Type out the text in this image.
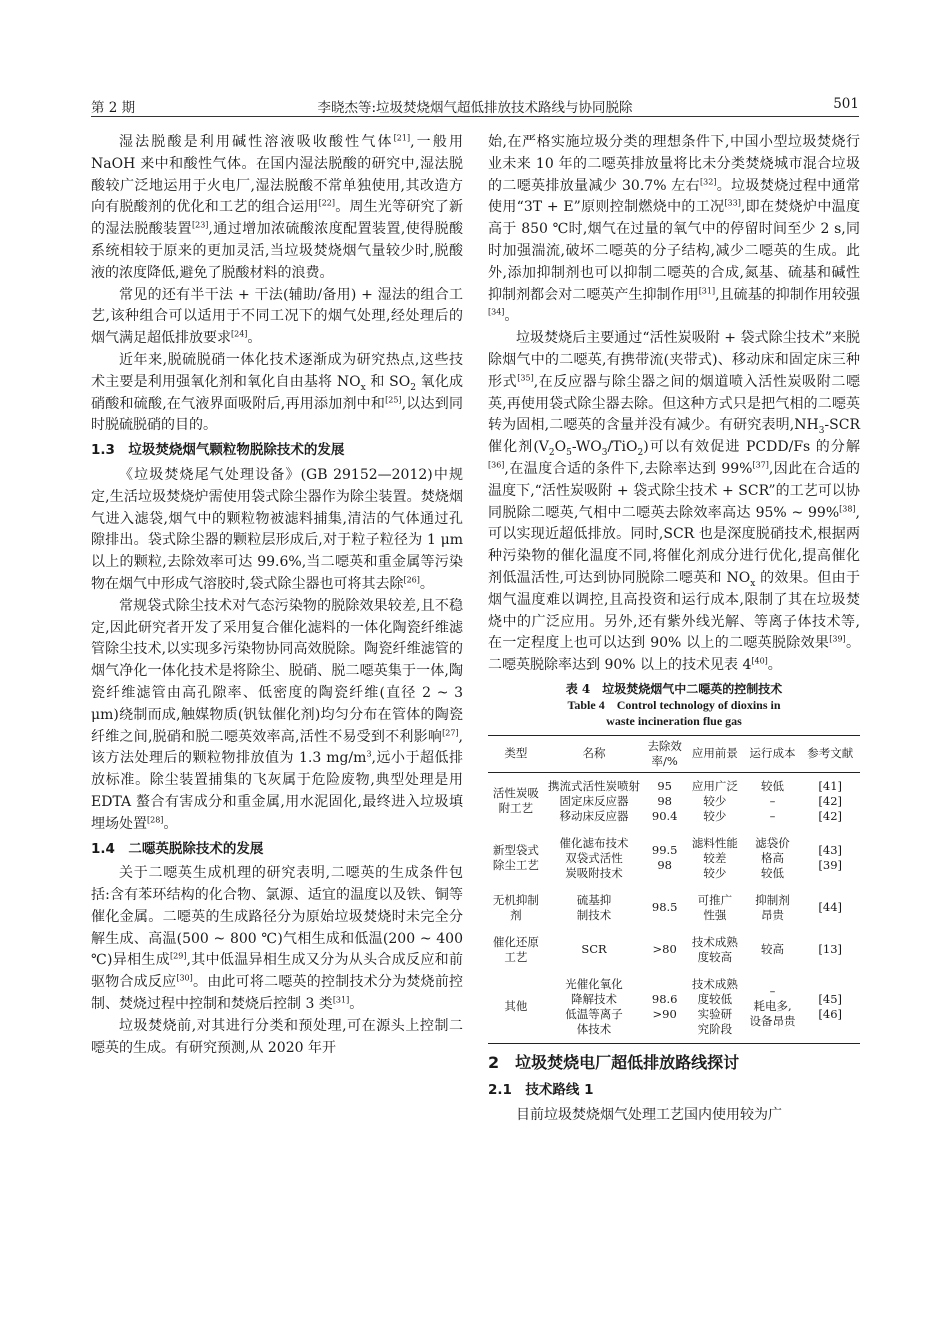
第 2 期	李晓杰等:垃圾焚烧烟气超低排放技术路线与协同脱除	501

湿法脱酸是利用碱性溶液吸收酸性气体[21],一般用 NaOH 来中和酸性气体。在国内湿法脱酸的研究中,湿法脱酸较广泛地运用于火电厂,湿法脱酸不常单独使用,其改造方向有脱酸剂的优化和工艺的组合运用[22]。周生光等研究了新的湿法脱酸装置[23],通过增加浓硫酸浓度配置装置,使得脱酸系统相较于原来的更加灵活,当垃圾焚烧烟气量较少时,脱酸液的浓度降低,避免了脱酸材料的浪费。

常见的还有半干法 + 干法(辅助/备用) + 湿法的组合工艺,该种组合可以适用于不同工况下的烟气处理,经处理后的烟气满足超低排放要求[24]。

近年来,脱硫脱硝一体化技术逐渐成为研究热点,这些技术主要是利用强氧化剂和氧化自由基将 $NO_x$ 和 $SO_2$ 氧化成硝酸和硫酸,在气液界面吸附后,再用添加剂中和[25],以达到同时脱硫脱硝的目的。

1.3　垃圾焚烧烟气颗粒物脱除技术的发展

《垃圾焚烧尾气处理设备》(GB 29152—2012)中规定,生活垃圾焚烧炉需使用袋式除尘器作为除尘装置。焚烧烟气进入滤袋,烟气中的颗粒物被滤料捕集,清洁的气体通过孔隙排出。袋式除尘器的颗粒层形成后,对于粒子粒径为 1 μm 以上的颗粒,去除效率可达 99.6%,当二噁英和重金属等污染物在烟气中形成气溶胶时,袋式除尘器也可将其去除[26]。

常规袋式除尘技术对气态污染物的脱除效果较差,且不稳定,因此研究者开发了采用复合催化滤料的一体化陶瓷纤维滤管除尘技术,以实现多污染物协同高效脱除。陶瓷纤维滤管的烟气净化一体化技术是将除尘、脱硝、脱二噁英集于一体,陶瓷纤维滤管由高孔隙率、低密度的陶瓷纤维(直径 2 ~ 3 μm)绕制而成,触媒物质(钒钛催化剂)均匀分布在管体的陶瓷纤维之间,脱硝和脱二噁英效率高,活性不易受到不利影响[27],该方法处理后的颗粒物排放值为 1.3 $mg/m^3$,远小于超低排放标准。除尘装置捕集的飞灰属于危险废物,典型处理是用 EDTA 螯合有害成分和重金属,用水泥固化,最终进入垃圾填埋场处置[28]。

1.4　二噁英脱除技术的发展

关于二噁英生成机理的研究表明,二噁英的生成条件包括:含有苯环结构的化合物、氯源、适宜的温度以及铁、铜等催化金属。二噁英的生成路径分为原始垃圾焚烧时未完全分解生成、高温(500 ~ 800 ℃)气相生成和低温(200 ~ 400 ℃)异相生成[29],其中低温异相生成又分为从头合成反应和前驱物合成反应[30]。由此可将二噁英的控制技术分为焚烧前控制、焚烧过程中控制和焚烧后控制 3 类[31]。

垃圾焚烧前,对其进行分类和预处理,可在源头上控制二噁英的生成。有研究预测,从 2020 年开

始,在严格实施垃圾分类的理想条件下,中国小型垃圾焚烧行业未来 10 年的二噁英排放量将比未分类焚烧城市混合垃圾的二噁英排放量减少 30.7% 左右[32]。垃圾焚烧过程中通常使用“3T + E”原则控制燃烧中的工况[33],即在焚烧炉中温度高于 850 ℃时,烟气在过量的氧气中的停留时间至少 2 s,同时加强湍流,破坏二噁英的分子结构,减少二噁英的生成。此外,添加抑制剂也可以抑制二噁英的合成,氮基、硫基和碱性抑制剂都会对二噁英产生抑制作用[31],且硫基的抑制作用较强[34]。

垃圾焚烧后主要通过“活性炭吸附 + 袋式除尘技术”来脱除烟气中的二噁英,有携带流(夹带式)、移动床和固定床三种形式[35],在反应器与除尘器之间的烟道喷入活性炭吸附二噁英,再使用袋式除尘器去除。但这种方式只是把气相的二噁英转为固相,二噁英的含量并没有减少。有研究表明$,NH_3$-SCR 催化剂$(V_2O_5-WO_3/TiO_2)$可以有效促进 PCDD/Fs 的分解[36],在温度合适的条件下,去除率达到 99%[37],因此在合适的温度下,“活性炭吸附 + 袋式除尘技术 + SCR”的工艺可以协同脱除二噁英,气相中二噁英去除效率高达 95% ~ 99%[38],可以实现近超低排放。同时,SCR 也是深度脱硝技术,根据两种污染物的催化温度不同,将催化剂成分进行优化,提高催化剂低温活性,可达到协同脱除二噁英和 $NO_x$ 的效果。但由于烟气温度难以调控,且高投资和运行成本,限制了其在垃圾焚烧中的广泛应用。另外,还有紫外线光解、等离子体技术等,在一定程度上也可以达到 90% 以上的二噁英脱除效果[39]。二噁英脱除率达到 90% 以上的技术见表 4[40]。

表 4　垃圾焚烧烟气中二噁英的控制技术
Table 4　Control technology of dioxins in
waste incineration flue gas
类型	名称	去除效率/%	应用前景	运行成本	参考文献
活性炭吸附工艺	携流式活性炭喷射
固定床反应器
移动床反应器	95
98
90.4	应用广泛
较少
较少	较低
–
–	[41]
[42]
[42]
新型袋式除尘工艺	催化滤布技术
双袋式活性
炭吸附技术	99.5
98	滤料性能
较差
较少	滤袋价
格高
较低	[43]
[39]
无机抑制剂	硫基抑
制技术	98.5	可推广
性强	抑制剂
昂贵	[44]
催化还原工艺	SCR	>80	技术成熟
度较高	较高	[13]
其他	光催化氧化
降解技术
低温等离子
体技术	98.6
>90	技术成熟
度较低
实验研
究阶段	–
耗电多,
设备昂贵	[45]
[46]
2　垃圾焚烧电厂超低排放路线探讨
2.1　技术路线 1

目前垃圾焚烧烟气处理工艺国内使用较为广
